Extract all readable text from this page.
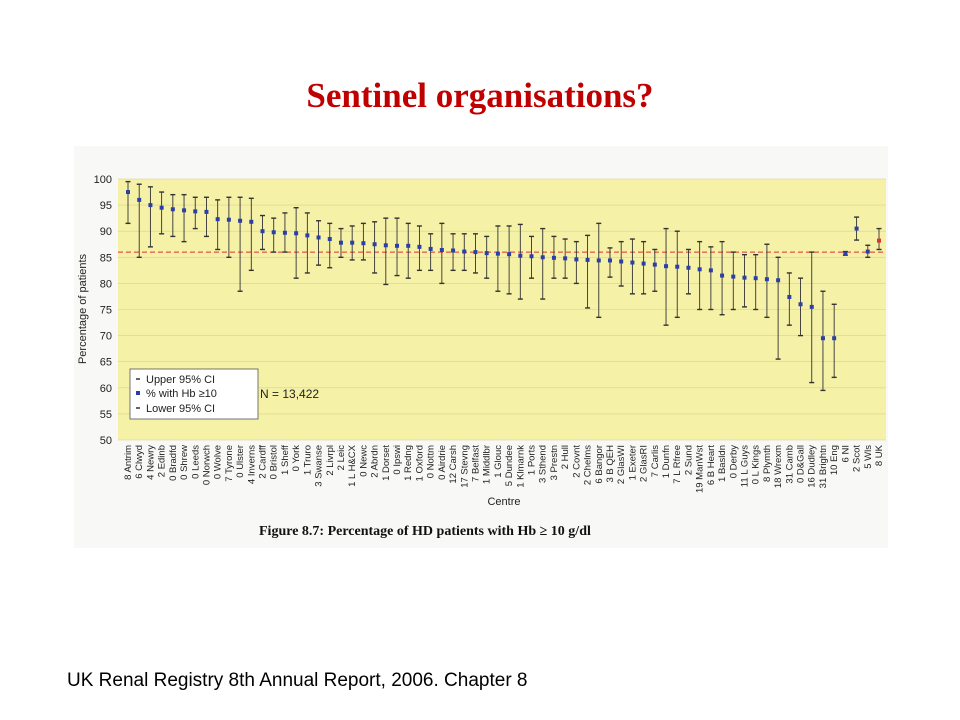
Sentinel organisations?
50
55
60
65
70
75
80
85
90
95
100
8 Antrim 6 Clwyd 4 Newry 2 Edinb 0 Bradfd 0 Shrew 0 Leeds 0 Norwch 0 Wolve 7 Tyrone 0 Ulster 4 Inverns 2 Cardff 0 Bristol 1 Sheff 0 York 1 Truro 3 Swanse 2 Livrpl 2 Leic 1 L H&CX 0 Newc 2 Abrdn 1 Dorset 0 Ipswi 1 Redng 1 Oxford 0 Nottm 0 Airdrie 12 Carsh 17 Stevng 7 Belfast 1 Middlbr 1 Glouc 5 Dundee 1 Klmarnk 1 Ports 3 Sthend 3 Prestn 2 Hull 2 Covnt 2 Chelms 6 Bangor 3 B QEH 2 GlasWI 1 Exeter 2 GlasRI 7 Carlis 1 Dunfn 7 L Rfree 2 Sund 19 ManWst 6 B Heart 1 Basldn 0 Derby 11 L Guys 0 L Kings 8 Plymth 18 Wrexm 31 Camb 0 D&Gall 16 Dudley 31 Brightn 10 Eng 6 NI 2 Scot 5 Wls 8 UK
Percentage of patients
Centre
Upper 95% CI
% with Hb ≥10
Lower 95% CI
N = 13,422
Figure 8.7: Percentage of HD patients with Hb ≥ 10 g/dl
UK Renal Registry 8th Annual Report, 2006. Chapter 8
